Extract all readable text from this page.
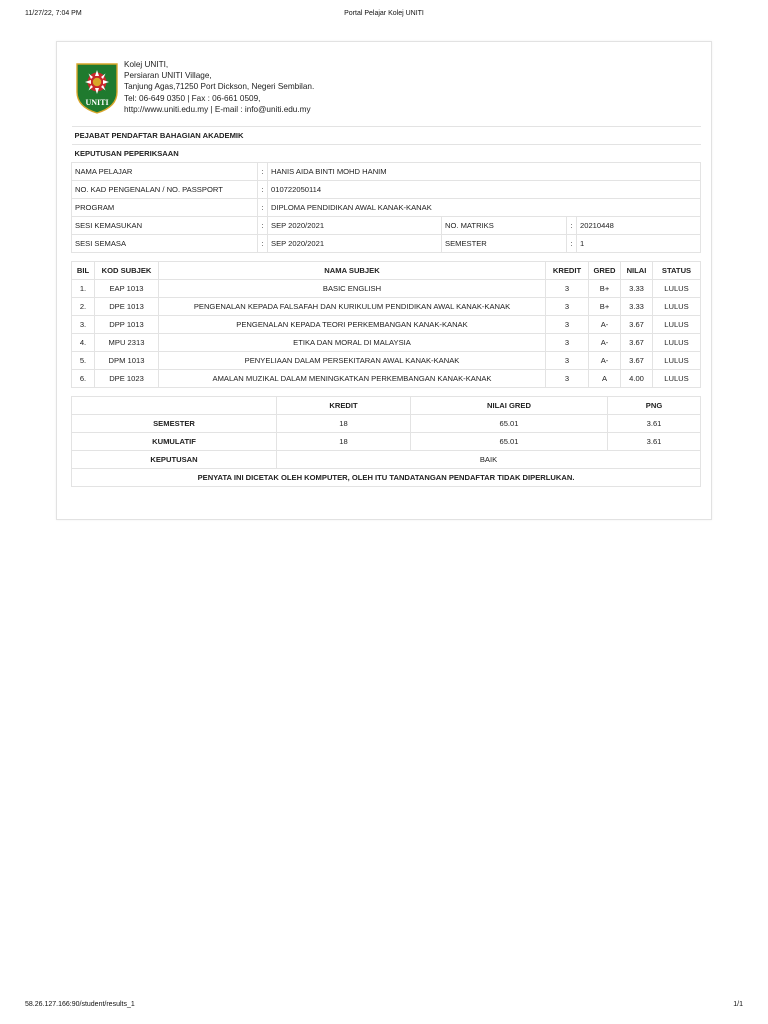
11/27/22, 7:04 PM	Portal Pelajar Kolej UNITI
UNITI
Kolej UNITI,
Persiaran UNITI Village,
Tanjung Agas,71250 Port Dickson, Negeri Sembilan.
Tel: 06-649 0350 | Fax : 06-661 0509,
http://www.uniti.edu.my | E-mail : info@uniti.edu.my
PEJABAT PENDAFTAR BAHAGIAN AKADEMIK					
KEPUTUSAN PEPERIKSAAN					
NAMA PELAJAR	:	HANIS AIDA BINTI MOHD HANIM			
NO. KAD PENGENALAN / NO. PASSPORT	:	010722050114			
PROGRAM	:	DIPLOMA PENDIDIKAN AWAL KANAK-KANAK			
SESI KEMASUKAN	:	SEP 2020/2021	NO. MATRIKS	:	20210448
SESI SEMASA	:	SEP 2020/2021	SEMESTER	:	1
BIL	KOD SUBJEK	NAMA SUBJEK	KREDIT	GRED	NILAI	STATUS
1.	EAP 1013	BASIC ENGLISH	3	B+	3.33	LULUS
2.	DPE 1013	PENGENALAN KEPADA FALSAFAH DAN KURIKULUM PENDIDIKAN AWAL KANAK-KANAK	3	B+	3.33	LULUS
3.	DPP 1013	PENGENALAN KEPADA TEORI PERKEMBANGAN KANAK-KANAK	3	A-	3.67	LULUS
4.	MPU 2313	ETIKA DAN MORAL DI MALAYSIA	3	A-	3.67	LULUS
5.	DPM 1013	PENYELIAAN DALAM PERSEKITARAN AWAL KANAK-KANAK	3	A-	3.67	LULUS
6.	DPE 1023	AMALAN MUZIKAL DALAM MENINGKATKAN PERKEMBANGAN KANAK-KANAK	3	A	4.00	LULUS
	KREDIT	NILAI GRED	PNG
SEMESTER	18	65.01	3.61
KUMULATIF	18	65.01	3.61
KEPUTUSAN	BAIK		
PENYATA INI DICETAK OLEH KOMPUTER, OLEH ITU TANDATANGAN PENDAFTAR TIDAK DIPERLUKAN.			
58.26.127.166:90/student/results_1	1/1
